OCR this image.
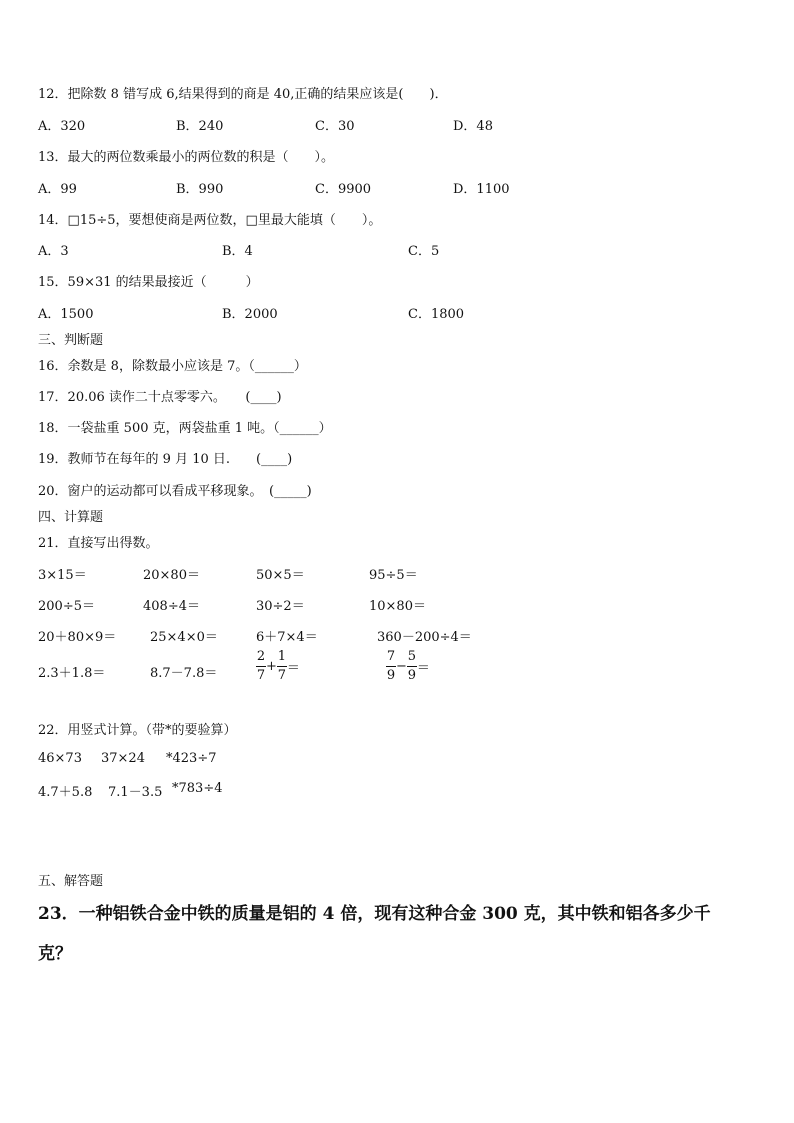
12．把除数 8 错写成 6,结果得到的商是 40,正确的结果应该是(　　)．
A．320	B．240	C．30	D．48
13．最大的两位数乘最小的两位数的积是（　　）。
A．99	B．990	C．9900	D．1100
14．□15÷5，要想使商是两位数，□里最大能填（　　）。
A．3	B．4	C．5
15．59×31 的结果最接近（　　　）
A．1500	B．2000	C．1800
三、判断题
16．余数是 8，除数最小应该是 7。（______）
17．20.06 读作二十点零零六。　　(____)
18．一袋盐重 500 克，两袋盐重 1 吨。（______）
19．教师节在每年的 9 月 10 日.　　(____)
20．窗户的运动都可以看成平移现象。　(_____)
四、计算题
21．直接写出得数。
3×15＝	20×80＝	50×5＝	95÷5＝
200÷5＝	408÷4＝	30÷2＝	10×80＝
20＋80×9＝	25×4×0＝	6＋7×4＝	360－200÷4＝
2.3＋1.8＝	8.7－7.8＝	$\frac{2}{7} + \frac{1}{7}$ ＝	$\frac{7}{9} - \frac{5}{9}$ ＝
22．用竖式计算。（带*的要验算）
46×73 37×24 *423÷7
4.7＋5.8 7.1－3.5 *783÷4
五、解答题
23．一种铝铁合金中铁的质量是铝的 4 倍，现有这种合金 300 克，其中铁和铝各多少千
克？
